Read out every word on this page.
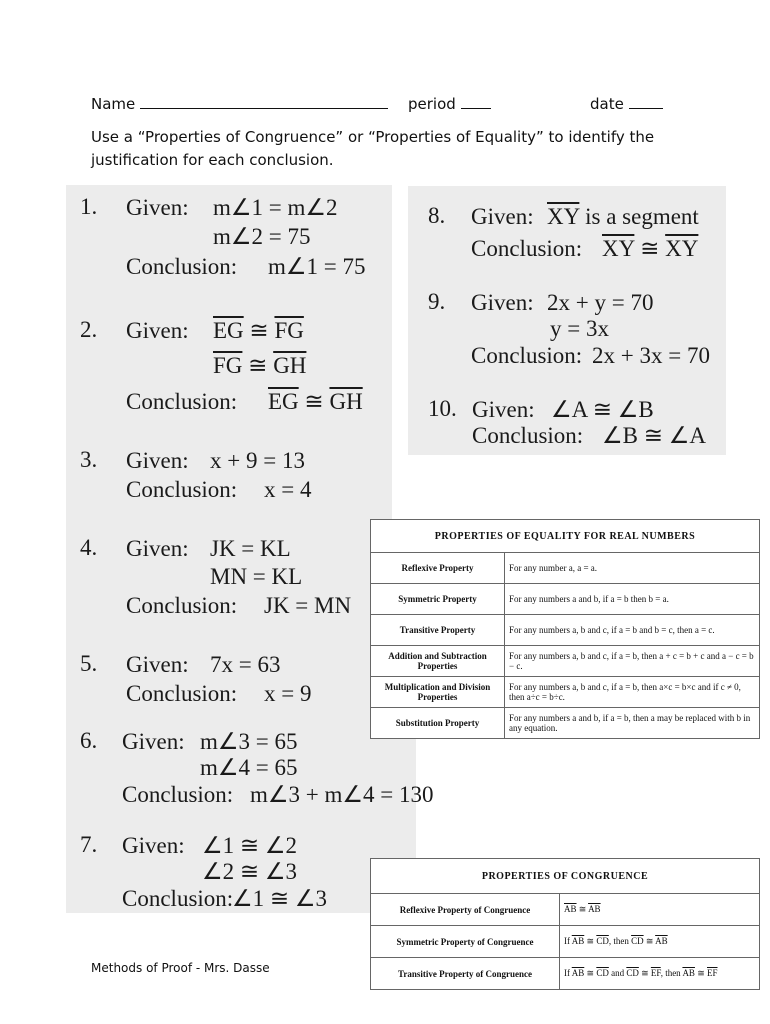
Name	period	date
Use a “Properties of Congruence” or “Properties of Equality” to identify the justification for each conclusion.
1. Given: m∠1 = m∠2
m∠2 = 75
Conclusion: m∠1 = 75
2. Given: $\overline{EG}$ ≅ $\overline{FG}$
$\overline{FG}$ ≅ $\overline{GH}$
Conclusion: $\overline{EG}$ ≅ $\overline{GH}$
3. Given: x + 9 = 13
Conclusion: x = 4
4. Given: JK = KL
MN = KL
Conclusion: JK = MN
5. Given: 7x = 63
Conclusion: x = 9
6. Given: m∠3 = 65
m∠4 = 65
Conclusion: m∠3 + m∠4 = 130
7. Given: ∠1 ≅ ∠2
∠2 ≅ ∠3
Conclusion:
∠1 ≅ ∠3
8. Given: $\overline{XY}$ is a segment
Conclusion: $\overline{XY}$ ≅ $\overline{XY}$
9. Given: 2x + y = 70
y = 3x
Conclusion: 2x + 3x = 70
10. Given: ∠A ≅ ∠B
Conclusion: ∠B ≅ ∠A
PROPERTIES OF EQUALITY FOR REAL NUMBERS	
Reflexive Property	For any number a, a = a.
Symmetric Property	For any numbers a and b, if a = b then b = a.
Transitive Property	For any numbers a, b and c, if a = b and b = c, then a = c.
Addition and Subtraction Properties	For any numbers a, b and c, if a = b, then a + c = b + c and a − c = b − c.
Multiplication and Division Properties	For any numbers a, b and c, if a = b, then a×c = b×c and if c ≠ 0, then a÷c = b÷c.
Substitution Property	For any numbers a and b, if a = b, then a may be replaced with b in any equation.
PROPERTIES OF CONGRUENCE	
Reflexive Property of Congruence	$\overline{AB}$ ≅ $\overline{AB}$
Symmetric Property of Congruence	If $\overline{AB}$ ≅ $\overline{CD}$, then $\overline{CD}$ ≅ $\overline{AB}$
Transitive Property of Congruence	If $\overline{AB}$ ≅ $\overline{CD}$ and $\overline{CD}$ ≅ $\overline{EF}$, then $\overline{AB}$ ≅ $\overline{EF}$
Methods of Proof - Mrs. Dasse
